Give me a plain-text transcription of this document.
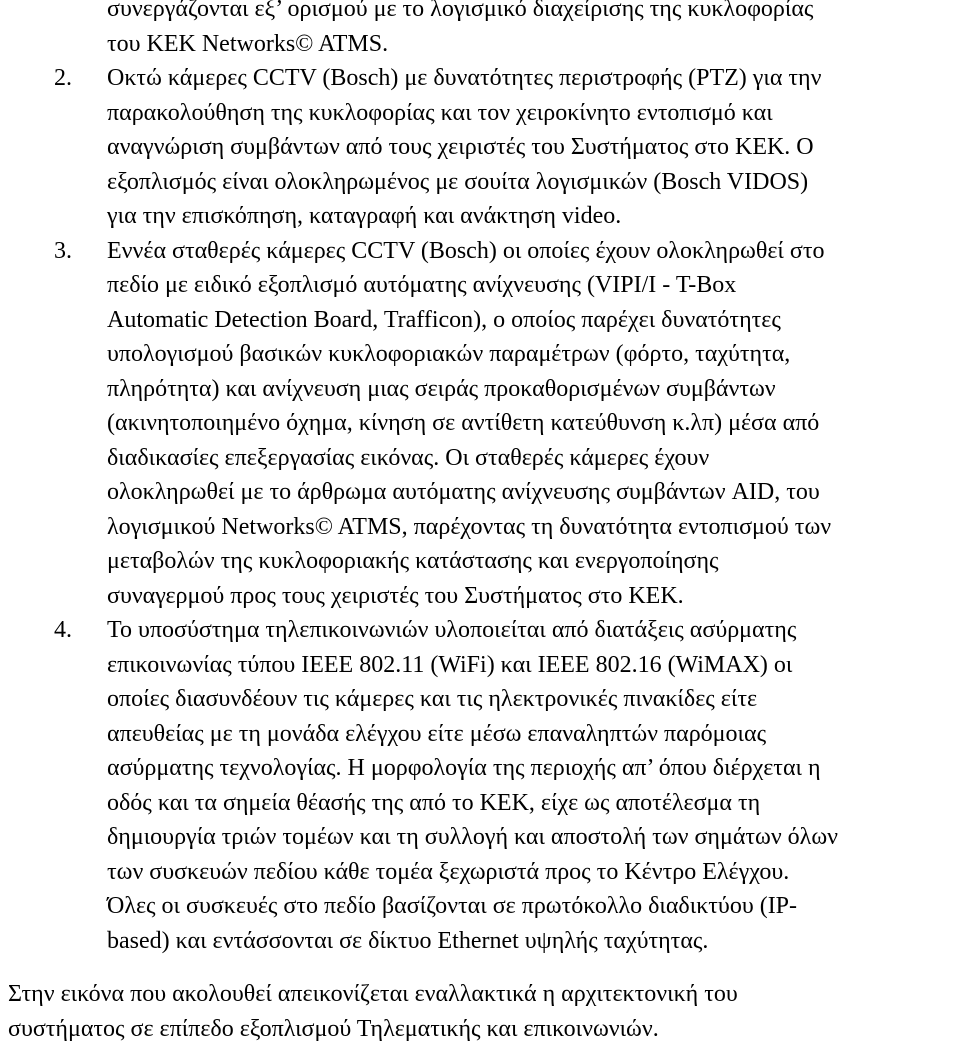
συνεργάζονται εξ’ ορισμού με το λογισμικό διαχείρισης της κυκλοφορίας
του ΚΕΚ Networks© ATMS.
2. Οκτώ κάμερες CCTV (Bosch) με δυνατότητες περιστροφής (PTZ) για την
παρακολούθηση της κυκλοφορίας και τον χειροκίνητο εντοπισμό και
αναγνώριση συμβάντων από τους χειριστές του Συστήματος στο ΚΕΚ. Ο
εξοπλισμός είναι ολοκληρωμένος με σουίτα λογισμικών (Bosch VIDOS)
για την επισκόπηση, καταγραφή και ανάκτηση video.
3. Εννέα σταθερές κάμερες CCTV (Bosch) οι οποίες έχουν ολοκληρωθεί στο
πεδίο με ειδικό εξοπλισμό αυτόματης ανίχνευσης (VIPI/I - T-Box
Automatic Detection Board, Trafficon), ο οποίος παρέχει δυνατότητες
υπολογισμού βασικών κυκλοφοριακών παραμέτρων (φόρτο, ταχύτητα,
πληρότητα) και ανίχνευση μιας σειράς προκαθορισμένων συμβάντων
(ακινητοποιημένο όχημα, κίνηση σε αντίθετη κατεύθυνση κ.λπ) μέσα από
διαδικασίες επεξεργασίας εικόνας. Οι σταθερές κάμερες έχουν
ολοκληρωθεί με το άρθρωμα αυτόματης ανίχνευσης συμβάντων AID, του
λογισμικού Networks© ATMS, παρέχοντας τη δυνατότητα εντοπισμού των
μεταβολών της κυκλοφοριακής κατάστασης και ενεργοποίησης
συναγερμού προς τους χειριστές του Συστήματος στο ΚΕΚ.
4. Το υποσύστημα τηλεπικοινωνιών υλοποιείται από διατάξεις ασύρματης
επικοινωνίας τύπου IEEE 802.11 (WiFi) και IEEE 802.16 (WiMAX) οι
οποίες διασυνδέουν τις κάμερες και τις ηλεκτρονικές πινακίδες είτε
απευθείας με τη μονάδα ελέγχου είτε μέσω επαναληπτών παρόμοιας
ασύρματης τεχνολογίας. Η μορφολογία της περιοχής απ’ όπου διέρχεται η
οδός και τα σημεία θέασής της από το ΚΕΚ, είχε ως αποτέλεσμα τη
δημιουργία τριών τομέων και τη συλλογή και αποστολή των σημάτων όλων
των συσκευών πεδίου κάθε τομέα ξεχωριστά προς το Κέντρο Ελέγχου.
Όλες οι συσκευές στο πεδίο βασίζονται σε πρωτόκολλο διαδικτύου (IP-
based) και εντάσσονται σε δίκτυο Ethernet υψηλής ταχύτητας.
Στην εικόνα που ακολουθεί απεικονίζεται εναλλακτικά η αρχιτεκτονική του
συστήματος σε επίπεδο εξοπλισμού Τηλεματικής και επικοινωνιών.
